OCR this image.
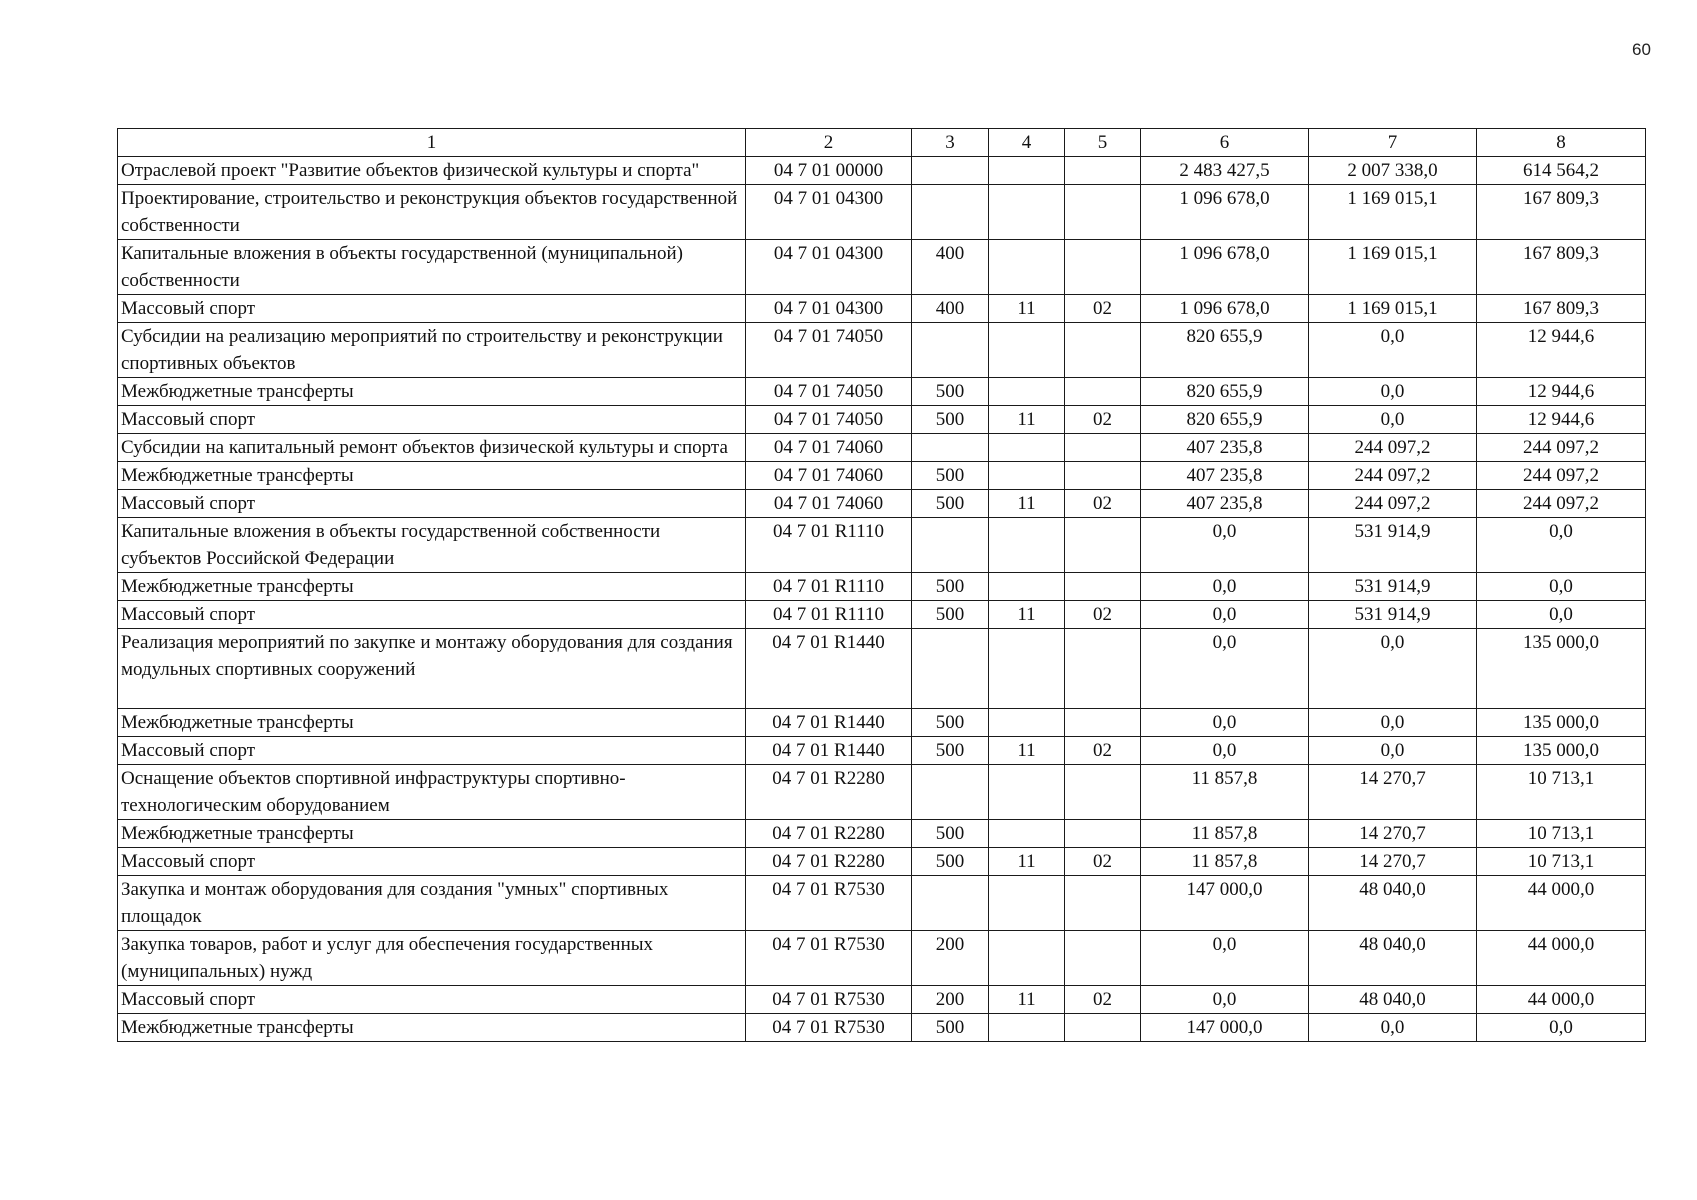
60
1	2	3	4	5	6	7	8
Отраслевой проект "Развитие объектов физической культуры и спорта"	04 7 01 00000				2 483 427,5	2 007 338,0	614 564,2
Проектирование, строительство и реконструкция объектов государственной собственности	04 7 01 04300				1 096 678,0	1 169 015,1	167 809,3
Капитальные вложения в объекты государственной (муниципальной) собственности	04 7 01 04300	400			1 096 678,0	1 169 015,1	167 809,3
Массовый спорт	04 7 01 04300	400	11	02	1 096 678,0	1 169 015,1	167 809,3
Субсидии на реализацию мероприятий по строительству и реконструкции спортивных объектов	04 7 01 74050				820 655,9	0,0	12 944,6
Межбюджетные трансферты	04 7 01 74050	500			820 655,9	0,0	12 944,6
Массовый спорт	04 7 01 74050	500	11	02	820 655,9	0,0	12 944,6
Субсидии на капитальный ремонт объектов физической культуры и спорта	04 7 01 74060				407 235,8	244 097,2	244 097,2
Межбюджетные трансферты	04 7 01 74060	500			407 235,8	244 097,2	244 097,2
Массовый спорт	04 7 01 74060	500	11	02	407 235,8	244 097,2	244 097,2
Капитальные вложения в объекты государственной собственности субъектов Российской Федерации	04 7 01 R1110				0,0	531 914,9	0,0
Межбюджетные трансферты	04 7 01 R1110	500			0,0	531 914,9	0,0
Массовый спорт	04 7 01 R1110	500	11	02	0,0	531 914,9	0,0
Реализация мероприятий по закупке и монтажу оборудования для создания модульных спортивных сооружений	04 7 01 R1440				0,0	0,0	135 000,0
Межбюджетные трансферты	04 7 01 R1440	500			0,0	0,0	135 000,0
Массовый спорт	04 7 01 R1440	500	11	02	0,0	0,0	135 000,0
Оснащение объектов спортивной инфраструктуры спортивно-технологическим оборудованием	04 7 01 R2280				11 857,8	14 270,7	10 713,1
Межбюджетные трансферты	04 7 01 R2280	500			11 857,8	14 270,7	10 713,1
Массовый спорт	04 7 01 R2280	500	11	02	11 857,8	14 270,7	10 713,1
Закупка и монтаж оборудования для создания "умных" спортивных площадок	04 7 01 R7530				147 000,0	48 040,0	44 000,0
Закупка товаров, работ и услуг для обеспечения государственных (муниципальных) нужд	04 7 01 R7530	200			0,0	48 040,0	44 000,0
Массовый спорт	04 7 01 R7530	200	11	02	0,0	48 040,0	44 000,0
Межбюджетные трансферты	04 7 01 R7530	500			147 000,0	0,0	0,0
